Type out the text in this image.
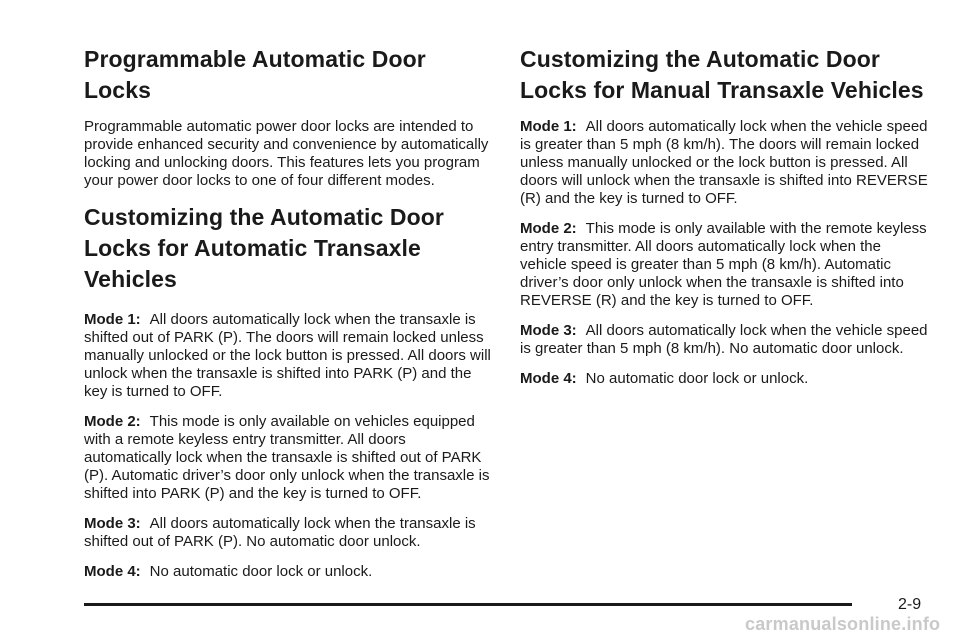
Programmable Automatic Door Locks

Programmable automatic power door locks are intended to provide enhanced security and convenience by automatically locking and unlocking doors. This features lets you program your power door locks to one of four different modes.

Customizing the Automatic Door Locks for Automatic Transaxle Vehicles

Mode 1: All doors automatically lock when the transaxle is shifted out of PARK (P). The doors will remain locked unless manually unlocked or the lock button is pressed. All doors will unlock when the transaxle is shifted into PARK (P) and the key is turned to OFF.

Mode 2: This mode is only available on vehicles equipped with a remote keyless entry transmitter. All doors automatically lock when the transaxle is shifted out of PARK (P). Automatic driver’s door only unlock when the transaxle is shifted into PARK (P) and the key is turned to OFF.

Mode 3: All doors automatically lock when the transaxle is shifted out of PARK (P). No automatic door unlock.

Mode 4: No automatic door lock or unlock.

Customizing the Automatic Door Locks for Manual Transaxle Vehicles

Mode 1: All doors automatically lock when the vehicle speed is greater than 5 mph (8 km/h). The doors will remain locked unless manually unlocked or the lock button is pressed. All doors will unlock when the transaxle is shifted into REVERSE (R) and the key is turned to OFF.

Mode 2: This mode is only available with the remote keyless entry transmitter. All doors automatically lock when the vehicle speed is greater than 5 mph (8 km/h). Automatic driver’s door only unlock when the transaxle is shifted into REVERSE (R) and the key is turned to OFF.

Mode 3: All doors automatically lock when the vehicle speed is greater than 5 mph (8 km/h). No automatic door unlock.

Mode 4: No automatic door lock or unlock.

2-9
carmanualsonline.info
